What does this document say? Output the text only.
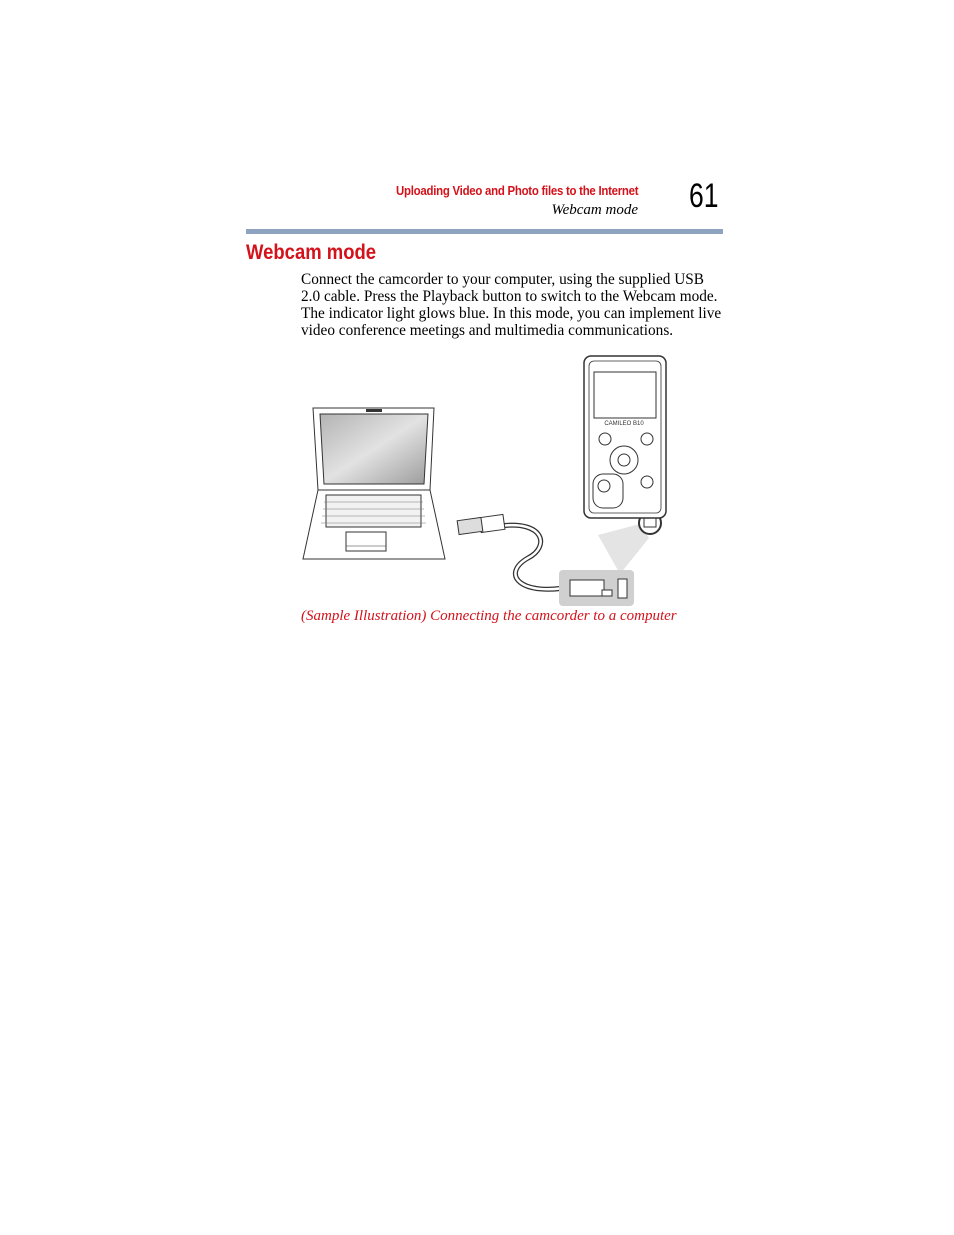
Uploading Video and Photo files to the Internet
Webcam mode 61
Webcam mode

Connect the camcorder to your computer, using the supplied USB 2.0 cable. Press the Playback button to switch to the Webcam mode. The indicator light glows blue. In this mode, you can implement live video conference meetings and multimedia communications.

CAMILEO B10
(Sample Illustration) Connecting the camcorder to a computer
